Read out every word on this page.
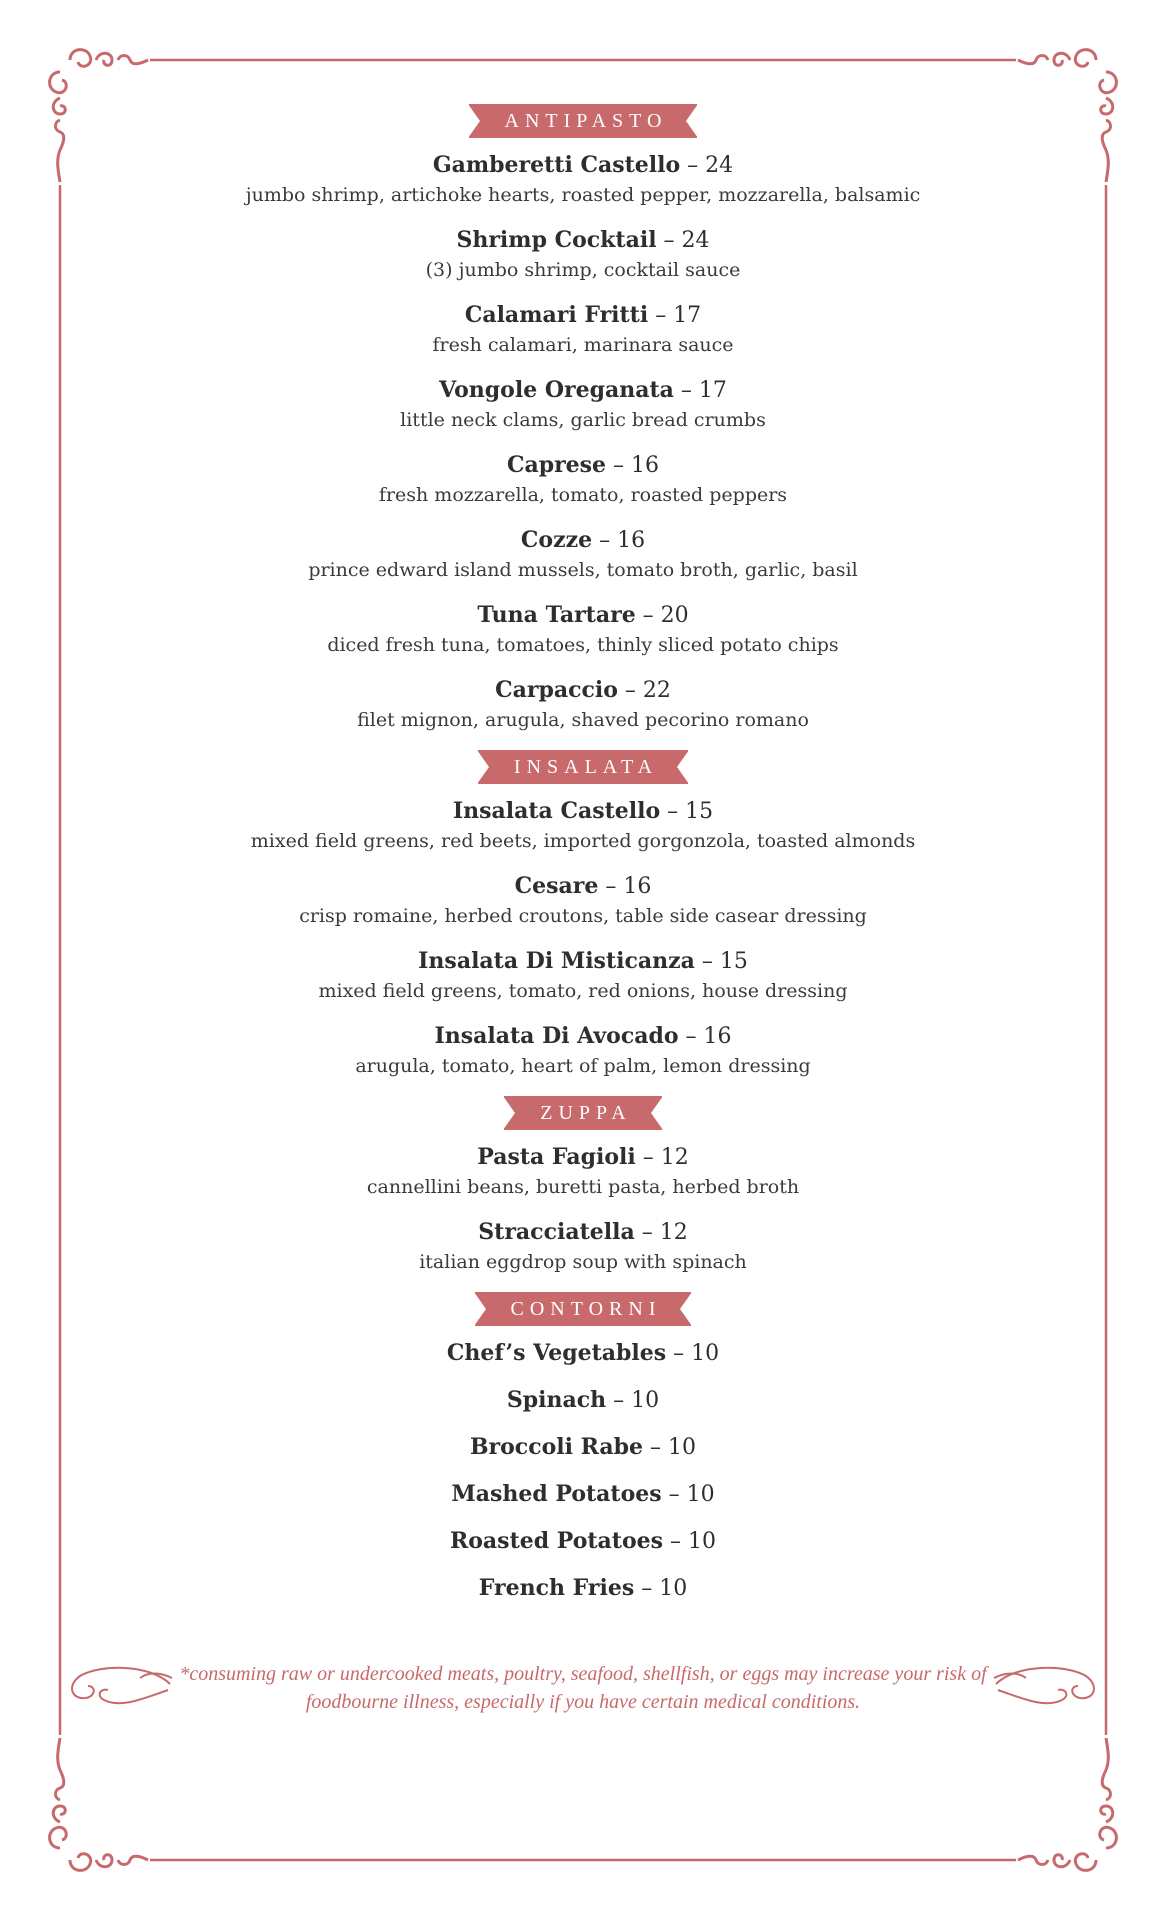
ANTIPASTO
Gamberetti Castello – 24
jumbo shrimp, artichoke hearts, roasted pepper, mozzarella, balsamic
Shrimp Cocktail – 24
(3) jumbo shrimp, cocktail sauce
Calamari Fritti – 17
fresh calamari, marinara sauce
Vongole Oreganata – 17
little neck clams, garlic bread crumbs
Caprese – 16
fresh mozzarella, tomato, roasted peppers
Cozze – 16
prince edward island mussels, tomato broth, garlic, basil
Tuna Tartare – 20
diced fresh tuna, tomatoes, thinly sliced potato chips
Carpaccio – 22
filet mignon, arugula, shaved pecorino romano
INSALATA
Insalata Castello – 15
mixed field greens, red beets, imported gorgonzola, toasted almonds
Cesare – 16
crisp romaine, herbed croutons, table side casear dressing
Insalata Di Misticanza – 15
mixed field greens, tomato, red onions, house dressing
Insalata Di Avocado – 16
arugula, tomato, heart of palm, lemon dressing
ZUPPA
Pasta Fagioli – 12
cannellini beans, buretti pasta, herbed broth
Stracciatella – 12
italian eggdrop soup with spinach
CONTORNI
Chef’s Vegetables – 10
Spinach – 10
Broccoli Rabe – 10
Mashed Potatoes – 10
Roasted Potatoes – 10
French Fries – 10
*consuming raw or undercooked meats, poultry, seafood, shellfish, or eggs may increase your risk of
foodbourne illness, especially if you have certain medical conditions.
